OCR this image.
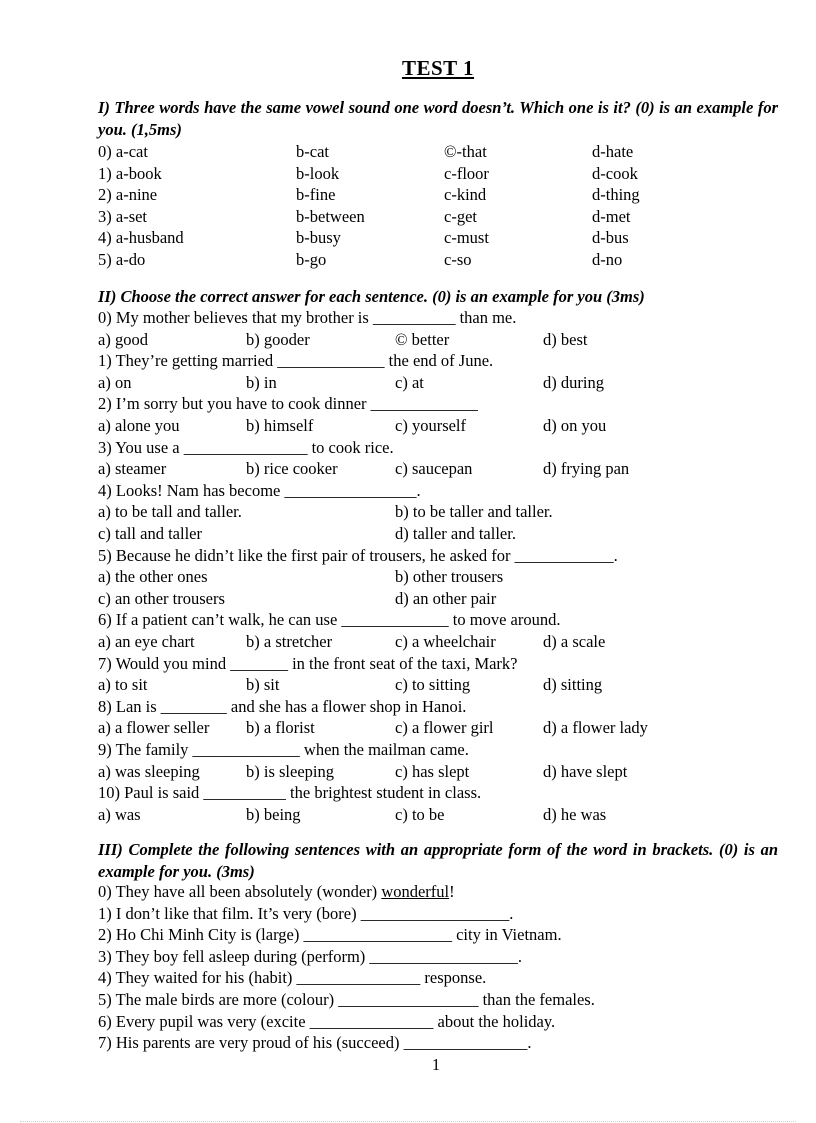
TEST 1
I) Three words have the same vowel sound one word doesn’t. Which one is it? (0) is an example for you. (1,5ms)
0) a-cat	b-cat	©-that	d-hate
1) a-book	b-look	c-floor	d-cook
2) a-nine	b-fine	c-kind	d-thing
3) a-set	b-between	c-get	d-met
4) a-husband	b-busy	c-must	d-bus
5) a-do	b-go	c-so	d-no
II) Choose the correct answer for each sentence. (0) is an example for you (3ms)
0) My mother believes that my brother is __________ than me.
a) good	b) gooder	© better	d) best
1) They’re getting married _____________ the end of June.
a) on	b) in	c) at	d) during
2) I’m sorry but you have to cook dinner _____________
a) alone you	b) himself	c) yourself	d) on you
3) You use a _______________ to cook rice.
a) steamer	b) rice cooker	c) saucepan	d) frying pan
4) Looks! Nam has become ________________.
a) to be tall and taller.	b) to be taller and taller.
c) tall and taller	d) taller and taller.
5) Because he didn’t like the first pair of trousers, he asked for ____________.
a) the other ones	b) other trousers
c) an other trousers	d) an other pair
6) If a patient can’t walk, he can use _____________ to move around.
a) an eye chart	b) a stretcher	c) a wheelchair	d) a scale
7) Would you mind _______ in the front seat of the taxi, Mark?
a) to sit	b) sit	c) to sitting	d) sitting
8) Lan is ________ and she has a flower shop in Hanoi.
a) a flower seller b) a florist	c) a flower girl	d) a flower lady
9) The family _____________ when the mailman came.
a) was sleeping	b) is sleeping	c) has slept	d) have slept
10) Paul is said __________ the brightest student in class.
a) was	b) being	c) to be	d) he was
III) Complete the following sentences with an appropriate form of the word in brackets. (0) is an example for you. (3ms)
0) They have all been absolutely (wonder) wonderful!
1) I don’t like that film. It’s very (bore) __________________.
2) Ho Chi Minh City is (large) __________________ city in Vietnam.
3) They boy fell asleep during (perform) __________________.
4) They waited for his (habit) _______________ response.
5) The male birds are more (colour) _________________ than the females.
6) Every pupil was very (excite _______________ about the holiday.
7) His parents are very proud of his (succeed) _______________.
1
